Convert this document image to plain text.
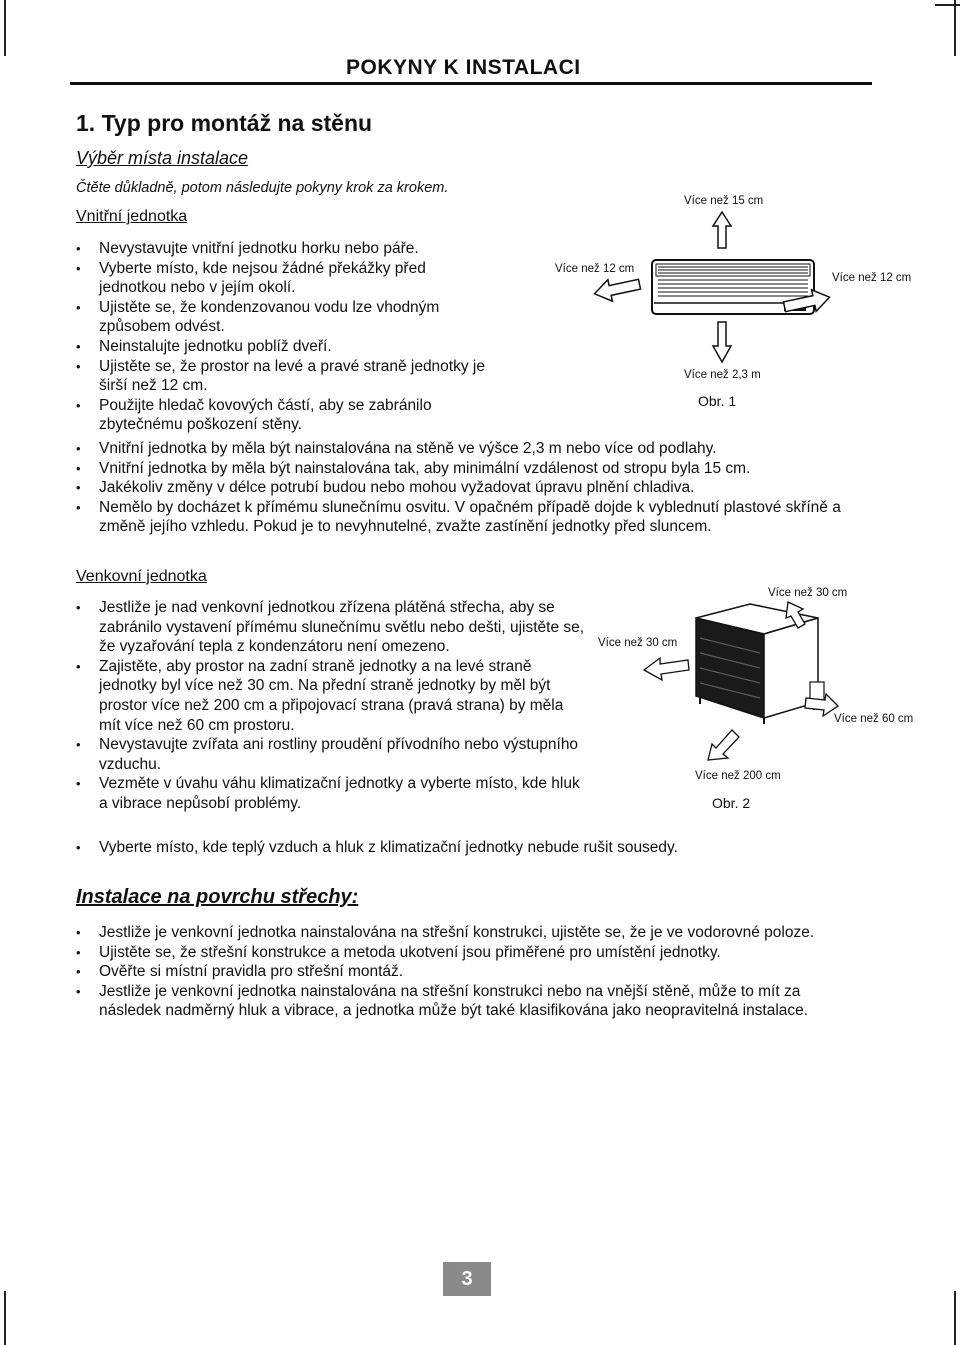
POKYNY K INSTALACI
1. Typ pro montáž na stěnu
Výběr místa instalace
Čtěte důkladně, potom následujte pokyny krok za krokem.
Vnitřní jednotka
• Nevystavujte vnitřní jednotku horku nebo páře.
• Vyberte místo, kde nejsou žádné překážky před jednotkou nebo v jejím okolí.
• Ujistěte se, že kondenzovanou vodu lze vhodným způsobem odvést.
• Neinstalujte jednotku poblíž dveří.
• Ujistěte se, že prostor na levé a pravé straně jednotky je širší než 12 cm.
• Použijte hledač kovových částí, aby se zabránilo zbytečnému poškození stěny.
• Vnitřní jednotka by měla být nainstalována na stěně ve výšce 2,3 m nebo více od podlahy.
• Vnitřní jednotka by měla být nainstalována tak, aby minimální vzdálenost od stropu byla 15 cm.
• Jakékoliv změny v délce potrubí budou nebo mohou vyžadovat úpravu plnění chladiva.
• Nemělo by docházet k přímému slunečnímu osvitu. V opačném případě dojde k vyblednutí plastové skříně a změně jejího vzhledu. Pokud je to nevyhnutelné, zvažte zastínění jednotky před sluncem.
Více než 15 cm
Více než 12 cm
Více než 12 cm
Více než 2,3 m
Obr. 1
Venkovní jednotka
• Jestliže je nad venkovní jednotkou zřízena plátěná střecha, aby se zabránilo vystavení přímému slunečnímu světlu nebo dešti, ujistěte se, že vyzařování tepla z kondenzátoru není omezeno.
• Zajistěte, aby prostor na zadní straně jednotky a na levé straně jednotky byl více než 30 cm. Na přední straně jednotky by měl být prostor více než 200 cm a připojovací strana (pravá strana) by měla mít více než 60 cm prostoru.
• Nevystavujte zvířata ani rostliny proudění přívodního nebo výstupního vzduchu.
• Vezměte v úvahu váhu klimatizační jednotky a vyberte místo, kde hluk a vibrace nepůsobí problémy.
• Vyberte místo, kde teplý vzduch a hluk z klimatizační jednotky nebude rušit sousedy.
Více než 30 cm
Více než 30 cm
Více než 60 cm
Více než 200 cm
Obr. 2
Instalace na povrchu střechy:
• Jestliže je venkovní jednotka nainstalována na střešní konstrukci, ujistěte se, že je ve vodorovné poloze.
• Ujistěte se, že střešní konstrukce a metoda ukotvení jsou přiměřené pro umístění jednotky.
• Ověřte si místní pravidla pro střešní montáž.
• Jestliže je venkovní jednotka nainstalována na střešní konstrukci nebo na vnější stěně, může to mít za následek nadměrný hluk a vibrace, a jednotka může být také klasifikována jako neopravitelná instalace.
3
